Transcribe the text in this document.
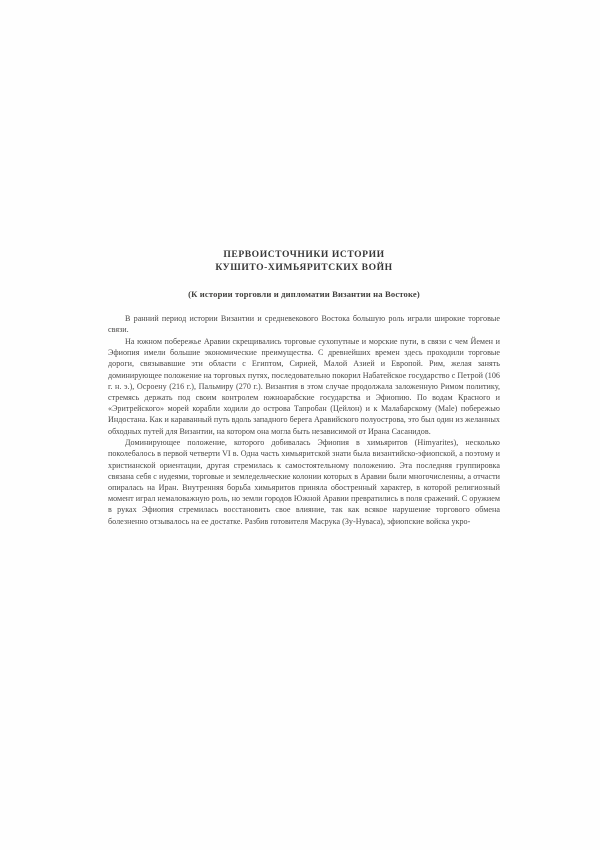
ПЕРВОИСТОЧНИКИ ИСТОРИИ
КУШИТО-ХИМЬЯРИТСКИХ ВОЙН
(К истории торговли и дипломатии Византии на Востоке)

В ранний период истории Византии и средневекового Востока большую роль играли широкие торговые связи.

На южном побережье Аравии скрещивались торговые сухопутные и морские пути, в связи с чем Йемен и Эфиопия имели большие экономические преимущества. С древнейших времен здесь проходили торговые дороги, связывавшие эти области с Египтом, Сирией, Малой Азией и Европой. Рим, желая занять доминирующее положение на торговых путях, последовательно покорил Набатейское государство с Петрой (106 г. н. э.), Осроену (216 г.), Пальмиру (270 г.). Византия в этом случае продолжала заложенную Римом политику, стремясь держать под своим контролем южноарабские государства и Эфиопию. По водам Красного и «Эритрейского» морей корабли ходили до острова Тапробан (Цейлон) и к Малабарскому (Male) побережью Индостана. Как и караванный путь вдоль западного берега Аравийского полуострова, это был один из желанных обходных путей для Византии, на котором она могла быть независимой от Ирана Сасанидов.

Доминирующее положение, которого добивалась Эфиопия в химьяритов (Himyarites), несколько поколебалось в первой четверти VI в. Одна часть химьяритской знати была византийско-эфиопской, а поэтому и христианской ориентации, другая стремилась к самостоятельному положению. Эта последняя группировка связана себя с иудеями, торговые и земледельческие колонии которых в Аравии были многочисленны, а отчасти опиралась на Иран. Внутренняя борьба химьяритов приняла обостренный характер, в которой религиозный момент играл немаловажную роль, но земли городов Южной Аравии превратились в поля сражений. С оружием в руках Эфиопия стремилась восстановить свое влияние, так как всякое нарушение торгового обмена болезненно отзывалось на ее достатке. Разбив готовителя Масрука (Зу-Нуваса), эфиопские войска укро-
